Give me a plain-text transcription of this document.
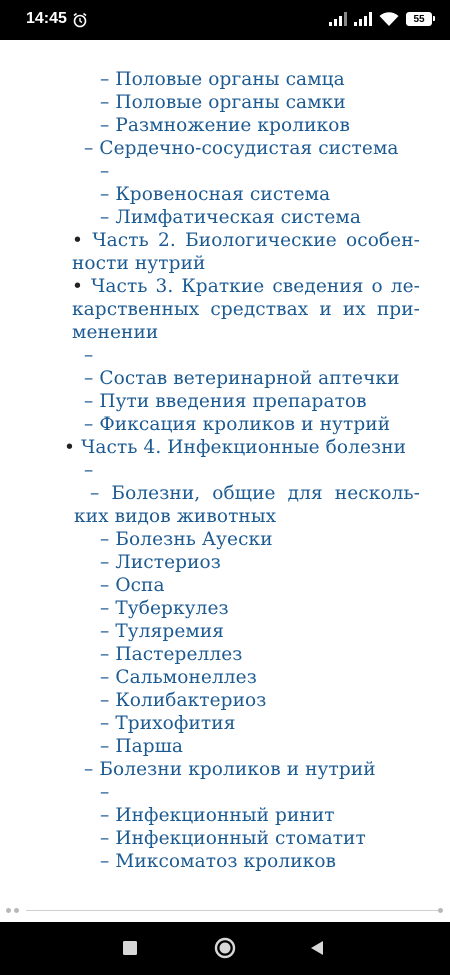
14:45	55
– Половые органы самца
– Половые органы самки
– Размножение кроликов
– Сердечно-сосудистая система
–
– Кровеносная система
– Лимфатическая система
• Часть 2. Биологические особен-
ности нутрий
• Часть 3. Краткие сведения о ле-
карственных средствах и их при-
менении
–
– Состав ветеринарной аптечки
– Пути введения препаратов
– Фиксация кроликов и нутрий
• Часть 4. Инфекционные болезни
–
– Болезни, общие для несколь-
ких видов животных
– Болезнь Ауески
– Листериоз
– Оспа
– Туберкулез
– Туляремия
– Пастереллез
– Сальмонеллез
– Колибактериоз
– Трихофития
– Парша
– Болезни кроликов и нутрий
–
– Инфекционный ринит
– Инфекционный стоматит
– Миксоматоз кроликов
